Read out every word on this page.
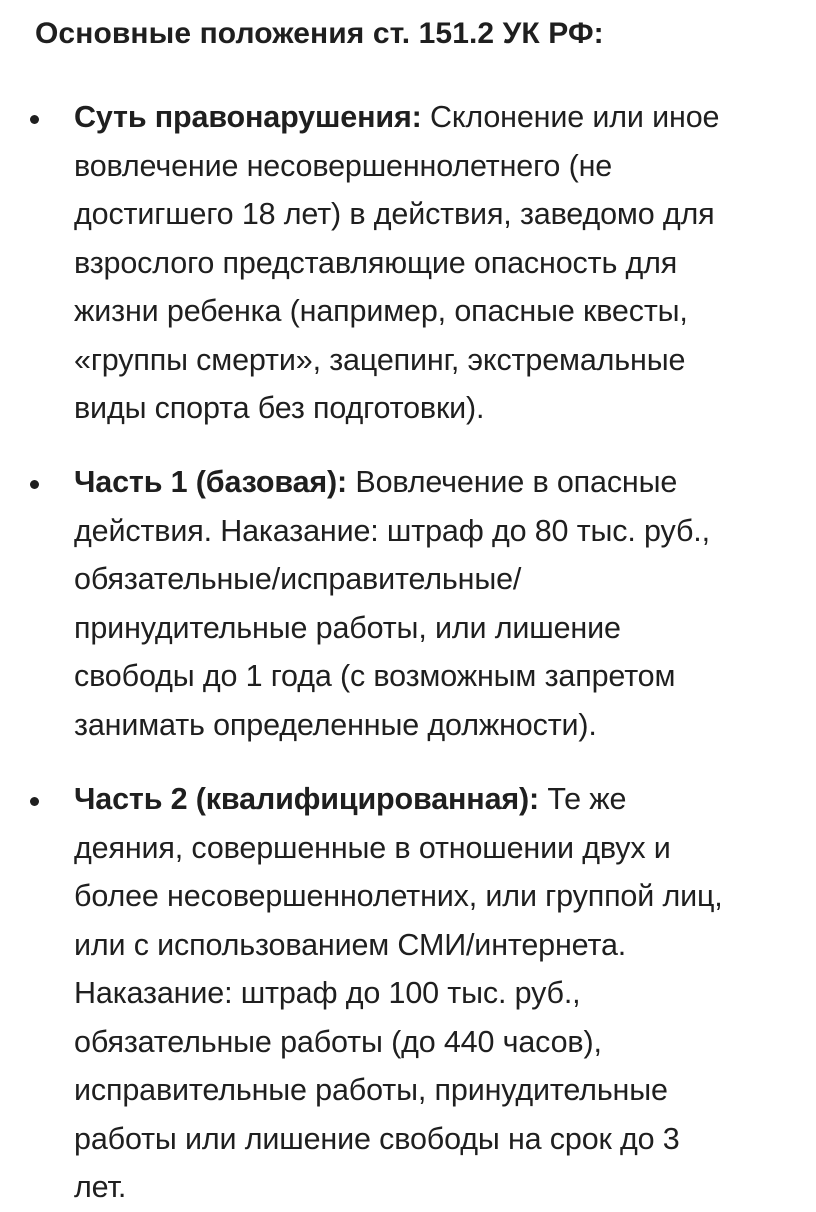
Основные положения ст. 151.2 УК РФ:

Суть правонарушения: Склонение или иное
вовлечение несовершеннолетнего (не
достигшего 18 лет) в действия, заведомо для
взрослого представляющие опасность для
жизни ребенка (например, опасные квесты,
«группы смерти», зацепинг, экстремальные
виды спорта без подготовки).

Часть 1 (базовая): Вовлечение в опасные
действия. Наказание: штраф до 80 тыс. руб.,
обязательные/исправительные/
принудительные работы, или лишение
свободы до 1 года (с возможным запретом
занимать определенные должности).

Часть 2 (квалифицированная): Те же
деяния, совершенные в отношении двух и
более несовершеннолетних, или группой лиц,
или с использованием СМИ/интернета.
Наказание: штраф до 100 тыс. руб.,
обязательные работы (до 440 часов),
исправительные работы, принудительные
работы или лишение свободы на срок до 3
лет.
